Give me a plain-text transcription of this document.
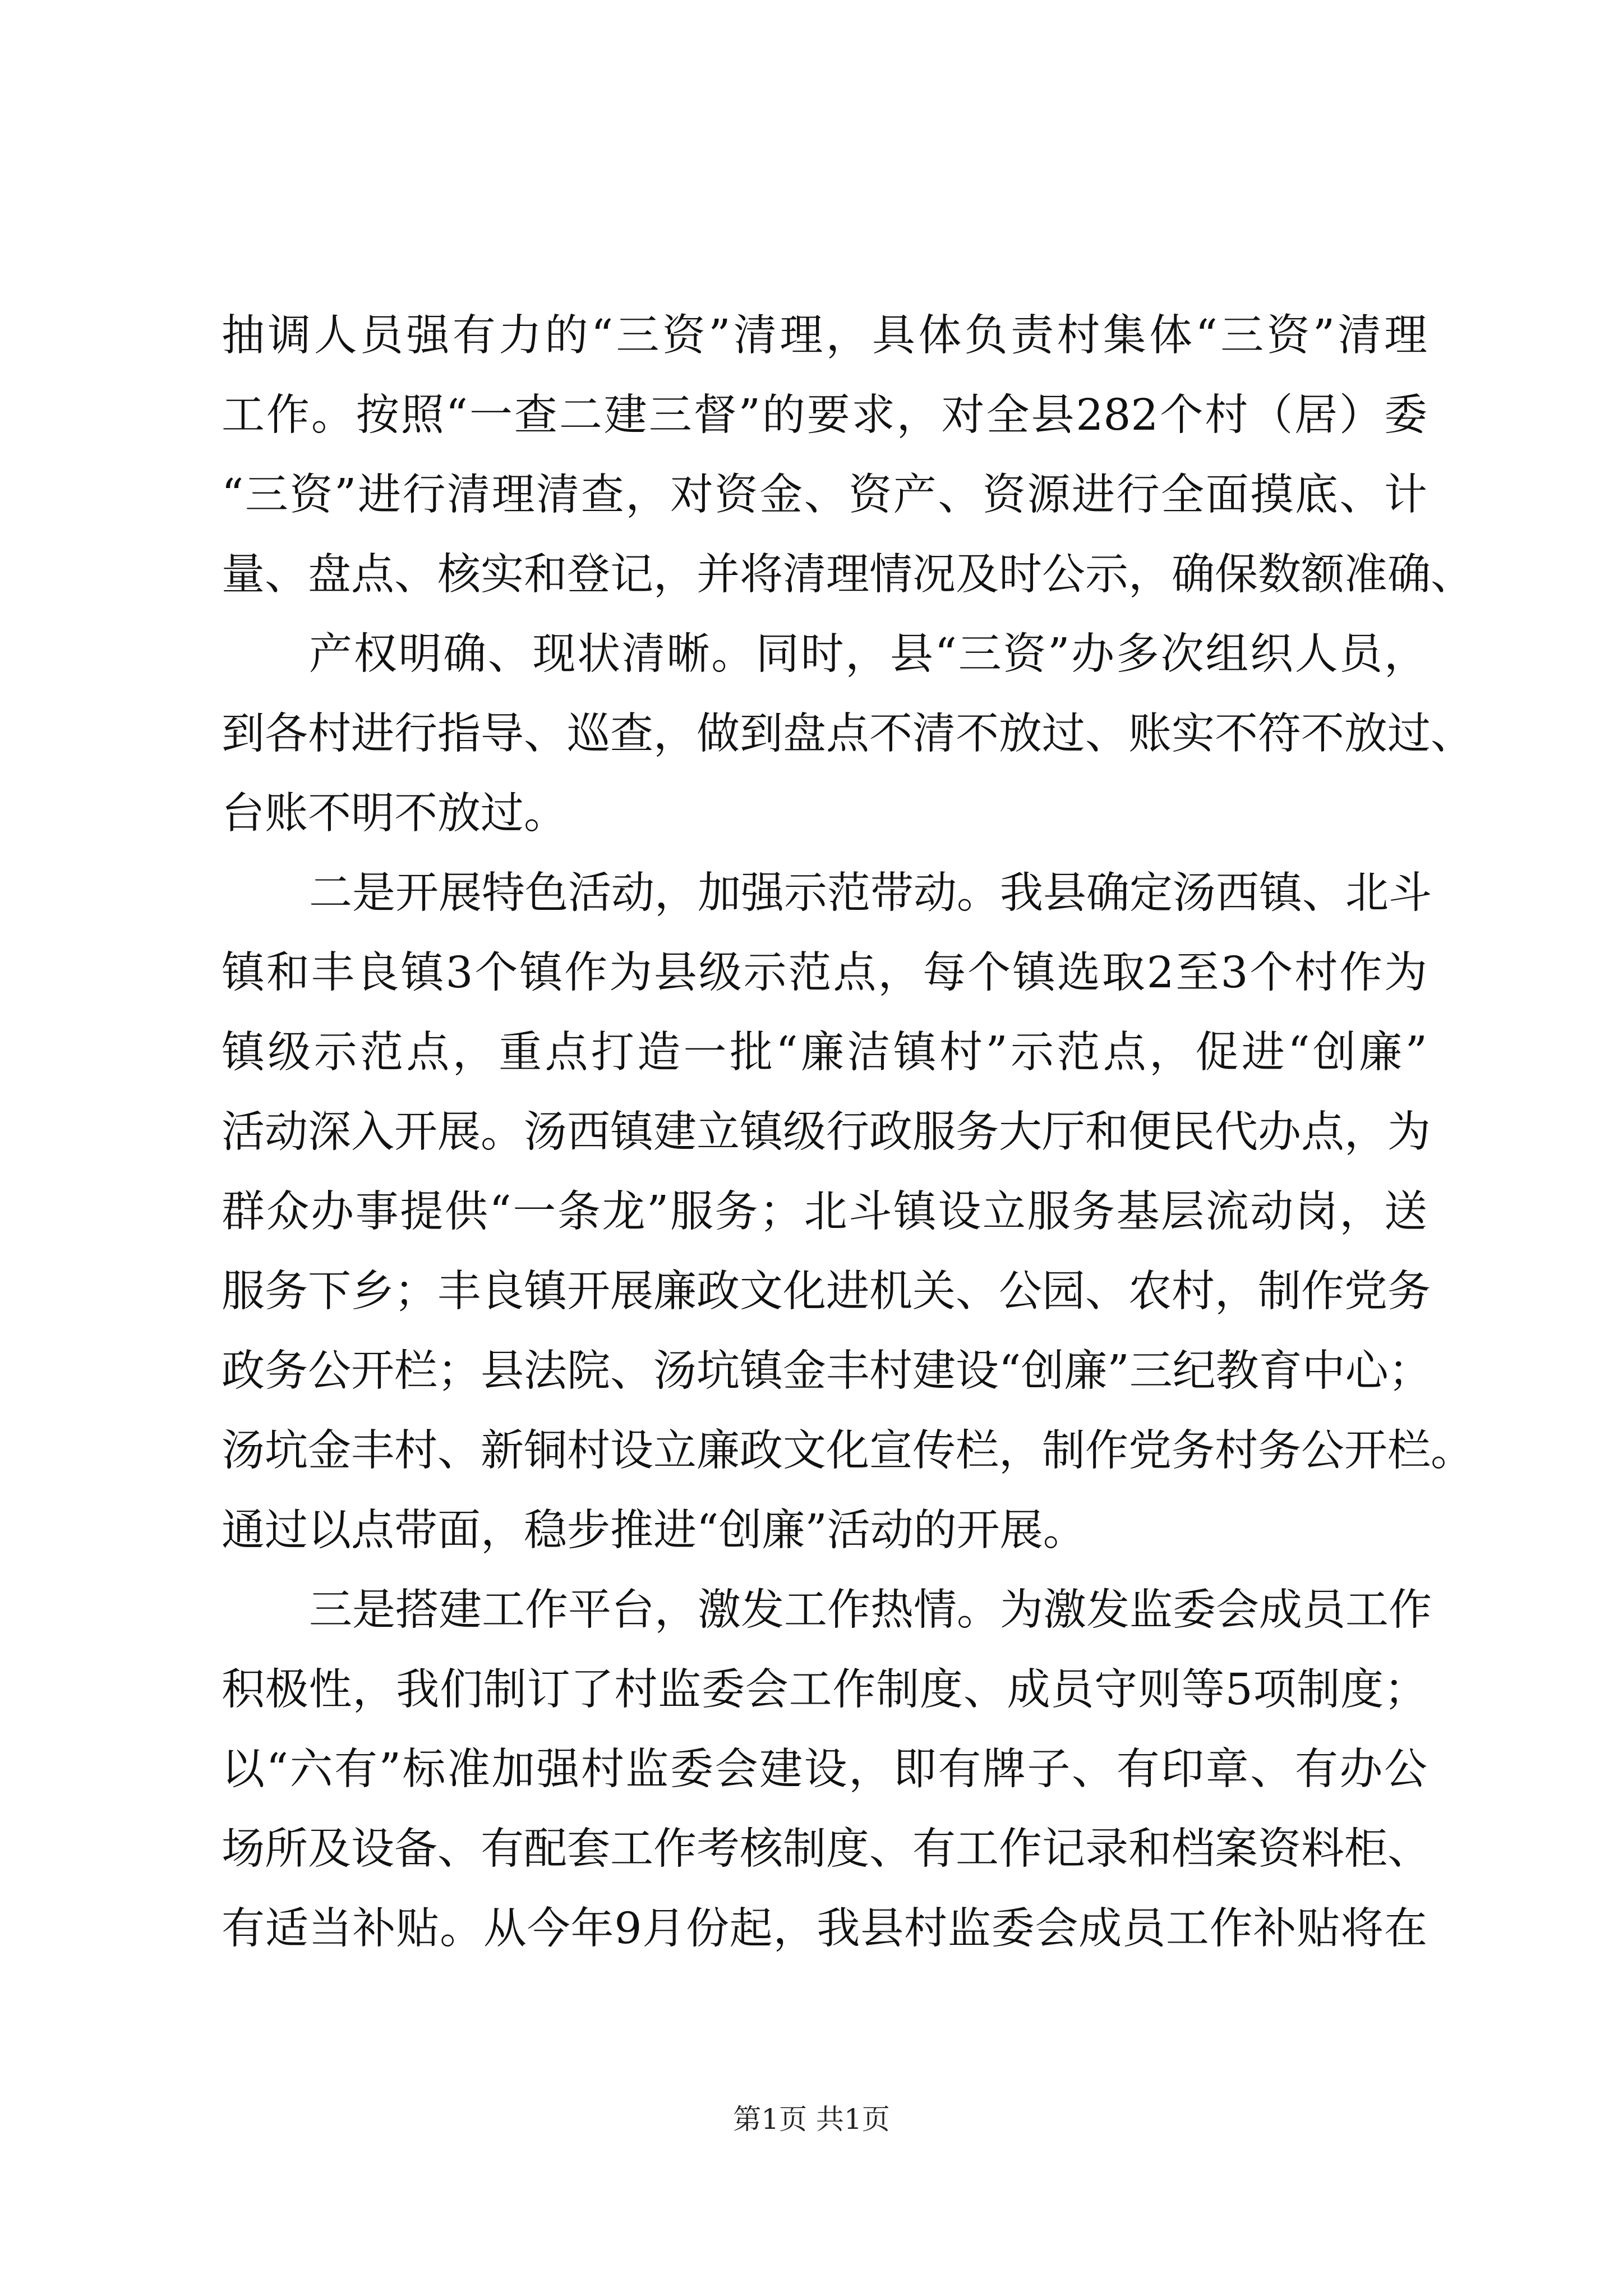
抽调人员强有力的“三资”清理，具体负责村集体“三资”清理
工作。按照“一查二建三督”的要求，对全县282个村（居）委
“三资”进行清理清查，对资金、资产、资源进行全面摸底、计
量、盘点、核实和登记，并将清理情况及时公示，确保数额准确、
产权明确、现状清晰。同时，县“三资”办多次组织人员，
到各村进行指导、巡查，做到盘点不清不放过、账实不符不放过、
台账不明不放过。
二是开展特色活动，加强示范带动。我县确定汤西镇、北斗
镇和丰良镇3个镇作为县级示范点，每个镇选取2至3个村作为
镇级示范点，重点打造一批“廉洁镇村”示范点，促进“创廉”
活动深入开展。汤西镇建立镇级行政服务大厅和便民代办点，为
群众办事提供“一条龙”服务；北斗镇设立服务基层流动岗，送
服务下乡；丰良镇开展廉政文化进机关、公园、农村，制作党务
政务公开栏；县法院、汤坑镇金丰村建设“创廉”三纪教育中心；
汤坑金丰村、新铜村设立廉政文化宣传栏，制作党务村务公开栏。
通过以点带面，稳步推进“创廉”活动的开展。
三是搭建工作平台，激发工作热情。为激发监委会成员工作
积极性，我们制订了村监委会工作制度、成员守则等5项制度；
以“六有”标准加强村监委会建设，即有牌子、有印章、有办公
场所及设备、有配套工作考核制度、有工作记录和档案资料柜、
有适当补贴。从今年9月份起，我县村监委会成员工作补贴将在
第1页 共1页
